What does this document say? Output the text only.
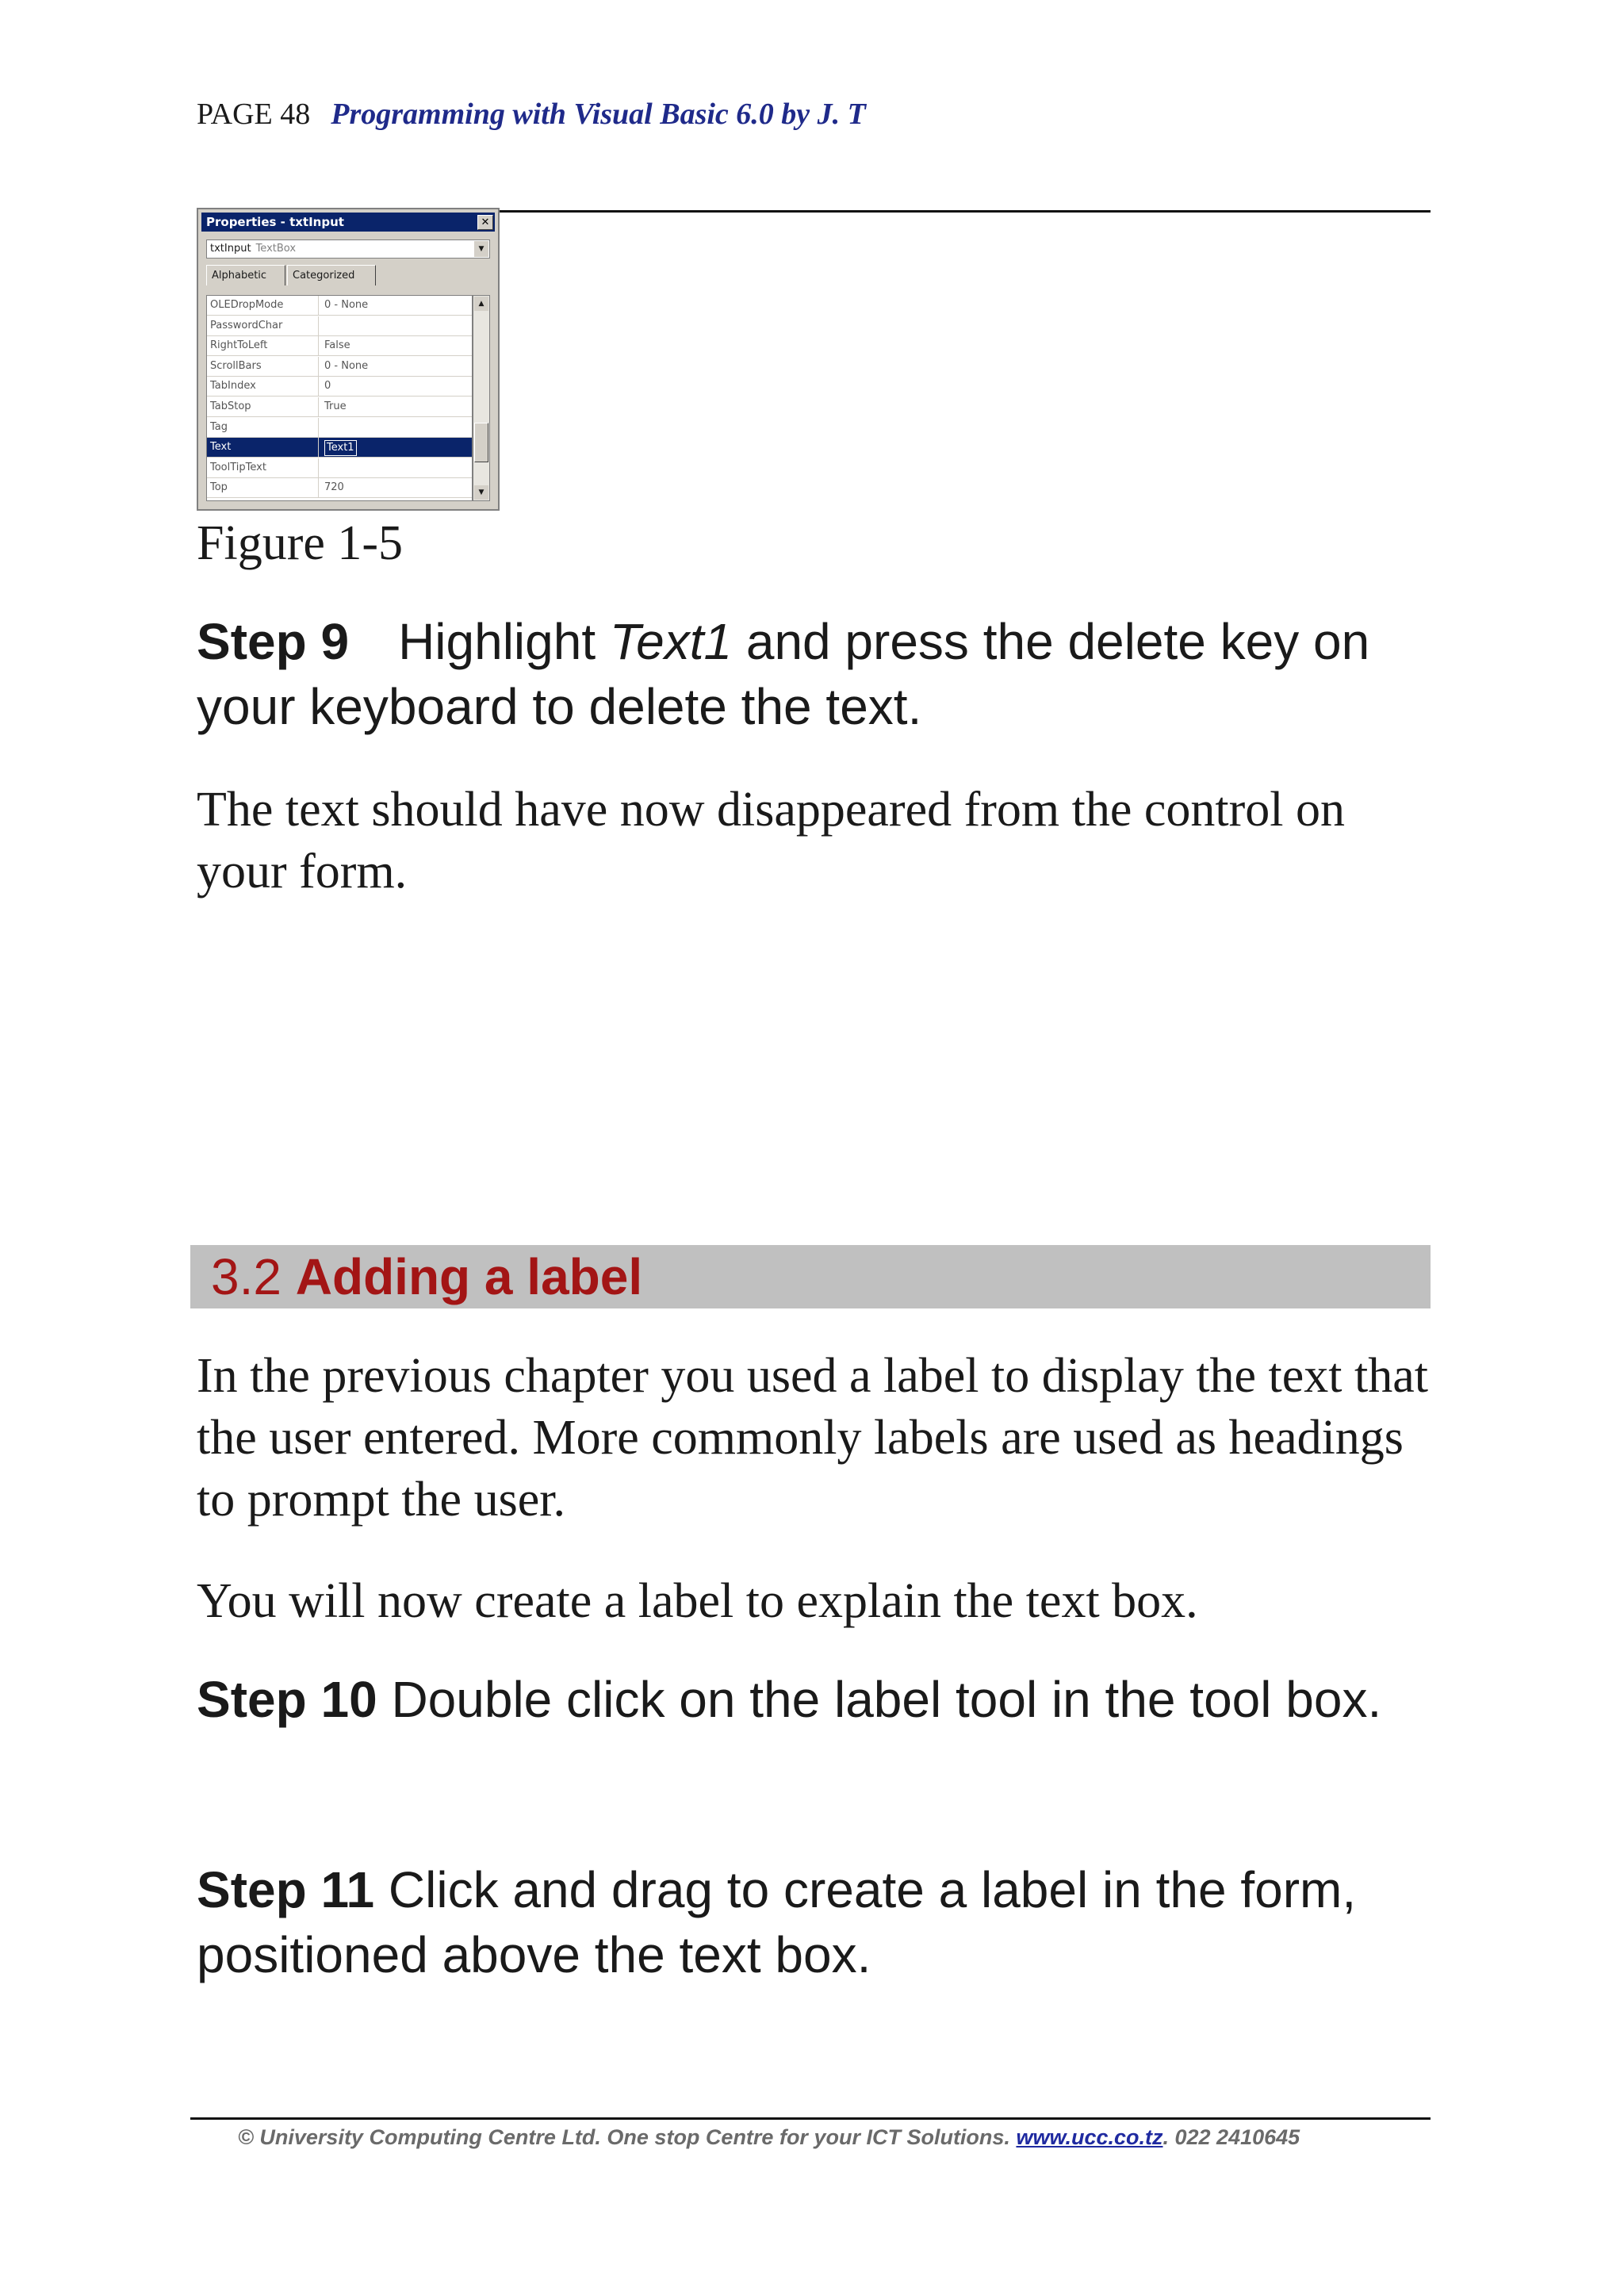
PAGE 48 Programming with Visual Basic 6.0 by J. T
Properties - txtInput	✕
txtInput TextBox	▼
Alphabetic	Categorized
OLEDropMode	0 - None
PasswordChar
RightToLeft	False
ScrollBars	0 - None
TabIndex	0
TabStop	True
Tag
Text	Text1
ToolTipText
Top	720
▲
▼
Figure 1-5
Step 9 Highlight Text1 and press the delete key on your keyboard to delete the text.
The text should have now disappeared from the control on your form.
3.2 Adding a label
In the previous chapter you used a label to display the text that the user entered. More commonly labels are used as headings to prompt the user.
You will now create a label to explain the text box.
Step 10 Double click on the label tool in the tool box.
Step 11 Click and drag to create a label in the form, positioned above the text box.
© University Computing Centre Ltd. One stop Centre for your ICT Solutions. www.ucc.co.tz. 022 2410645
